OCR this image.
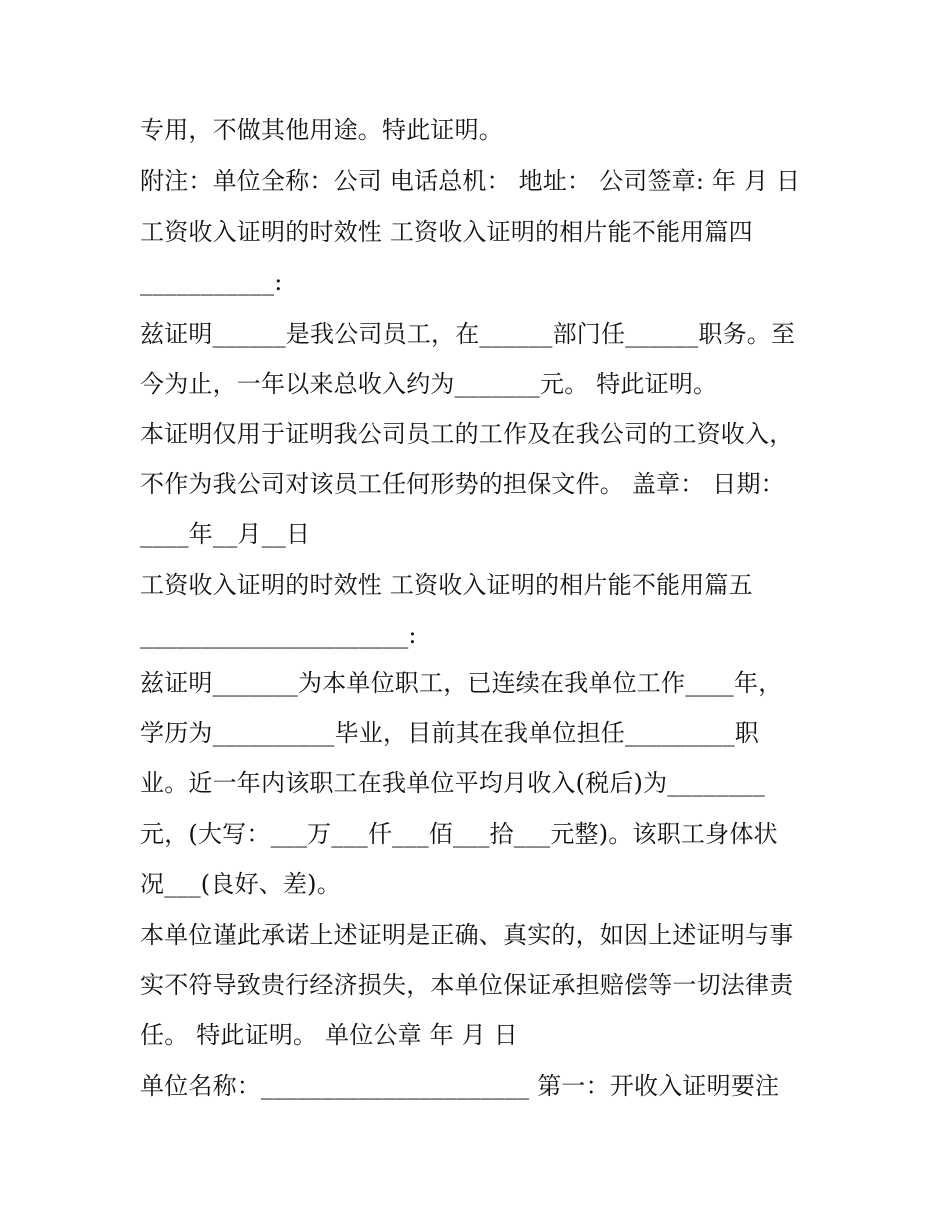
专用，不做其他用途。特此证明。
附注：单位全称：公司 电话总机： 地址： 公司签章: 年 月 日
工资收入证明的时效性 工资收入证明的相片能不能用篇四
___________:
兹证明______是我公司员工，在______部门任______职务。至
今为止，一年以来总收入约为_______元。 特此证明。
本证明仅用于证明我公司员工的工作及在我公司的工资收入，
不作为我公司对该员工任何形势的担保文件。 盖章： 日期：
____年__月__日
工资收入证明的时效性 工资收入证明的相片能不能用篇五
______________________:
兹证明_______为本单位职工，已连续在我单位工作____年，
学历为__________毕业，目前其在我单位担任_________职
业。近一年内该职工在我单位平均月收入(税后)为________
元，(大写：___万___仟___佰___拾___元整)。该职工身体状
况___(良好、差)。
本单位谨此承诺上述证明是正确、真实的，如因上述证明与事
实不符导致贵行经济损失，本单位保证承担赔偿等一切法律责
任。 特此证明。 单位公章 年 月 日
单位名称：______________________ 第一：开收入证明要注
